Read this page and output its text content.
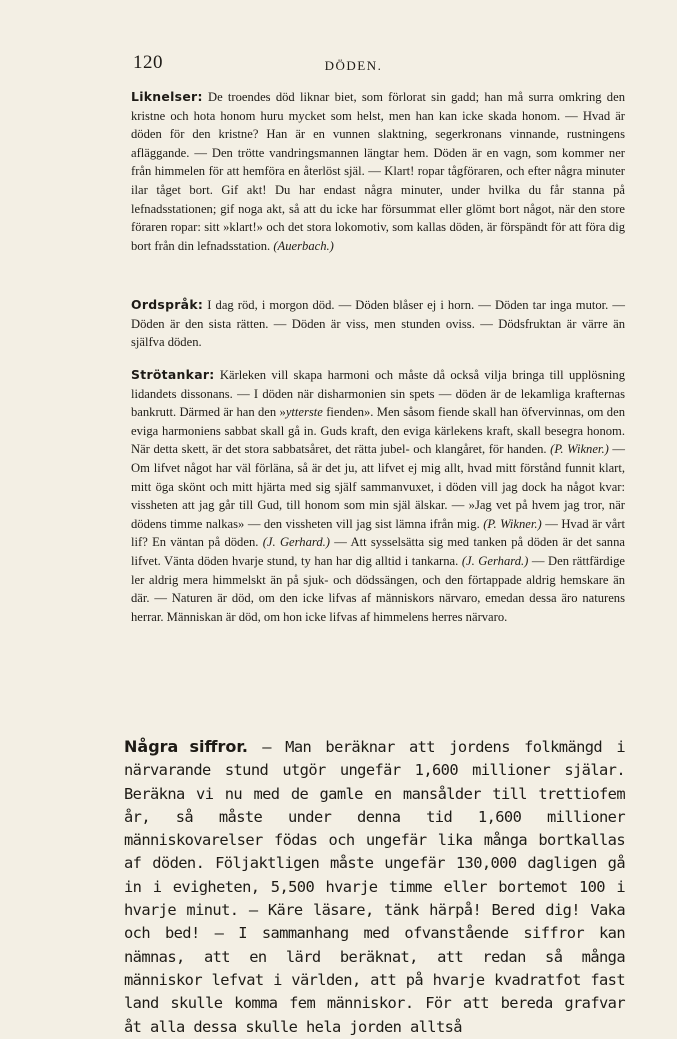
120	DÖDEN.

Liknelser: De troendes död liknar biet, som förlorat sin gadd; han må surra omkring den kristne och hota honom huru mycket som helst, men han kan icke skada honom. — Hvad är döden för den kristne? Han är en vunnen slaktning, segerkronans vinnande, rustningens afläggande. — Den trötte vandringsmannen längtar hem. Döden är en vagn, som kommer ner från himmelen för att hemföra en återlöst själ. — Klart! ropar tågföraren, och efter några minuter ilar tåget bort. Gif akt! Du har endast några minuter, under hvilka du får stanna på lefnadsstationen; gif noga akt, så att du icke har försummat eller glömt bort något, när den store föraren ropar: sitt »klart!» och det stora lokomotiv, som kallas döden, är förspändt för att föra dig bort från din lefnadsstation. (Auerbach.)

Ordspråk: I dag röd, i morgon död. — Döden blåser ej i horn. — Döden tar inga mutor. — Döden är den sista rätten. — Döden är viss, men stunden oviss. — Dödsfruktan är värre än själfva döden.

Strötankar: Kärleken vill skapa harmoni och måste då också vilja bringa till upplösning lidandets dissonans. — I döden när disharmonien sin spets — döden är de lekamliga krafternas bankrutt. Därmed är han den »ytterste fienden». Men såsom fiende skall han öfvervinnas, om den eviga harmoniens sabbat skall gå in. Guds kraft, den eviga kärlekens kraft, skall besegra honom. När detta skett, är det stora sabbatsåret, det rätta jubel- och klangåret, för handen. (P. Wikner.) — Om lifvet något har väl förläna, så är det ju, att lifvet ej mig allt, hvad mitt förstånd funnit klart, mitt öga skönt och mitt hjärta med sig själf sammanvuxet, i döden vill jag dock ha något kvar: vissheten att jag går till Gud, till honom som min själ älskar. — »Jag vet på hvem jag tror, när dödens timme nalkas» — den vissheten vill jag sist lämna ifrån mig. (P. Wikner.) — Hvad är vårt lif? En väntan på döden. (J. Gerhard.) — Att sysselsätta sig med tanken på döden är det sanna lifvet. Vänta döden hvarje stund, ty han har dig alltid i tankarna. (J. Gerhard.) — Den rättfärdige ler aldrig mera himmelskt än på sjuk- och dödssängen, och den förtappade aldrig hemskare än där. — Naturen är död, om den icke lifvas af människors närvaro, emedan dessa äro naturens herrar. Människan är död, om hon icke lifvas af himmelens herres närvaro.

Några siffror. — Man beräknar att jordens folkmängd i närvarande stund utgör ungefär 1,600 millioner själar. Beräkna vi nu med de gamle en mansålder till trettiofem år, så måste under denna tid 1,600 millioner människovarelser födas och ungefär lika många bortkallas af döden. Följaktligen måste ungefär 130,000 dagligen gå in i evigheten, 5,500 hvarje timme eller bortemot 100 i hvarje minut. — Käre läsare, tänk härpå! Bered dig! Vaka och bed! — I sammanhang med ofvanstående siffror kan nämnas, att en lärd beräknat, att redan så många människor lefvat i världen, att på hvarje kvadratfot fast land skulle komma fem människor. För att bereda grafvar åt alla dessa skulle hela jorden alltså
